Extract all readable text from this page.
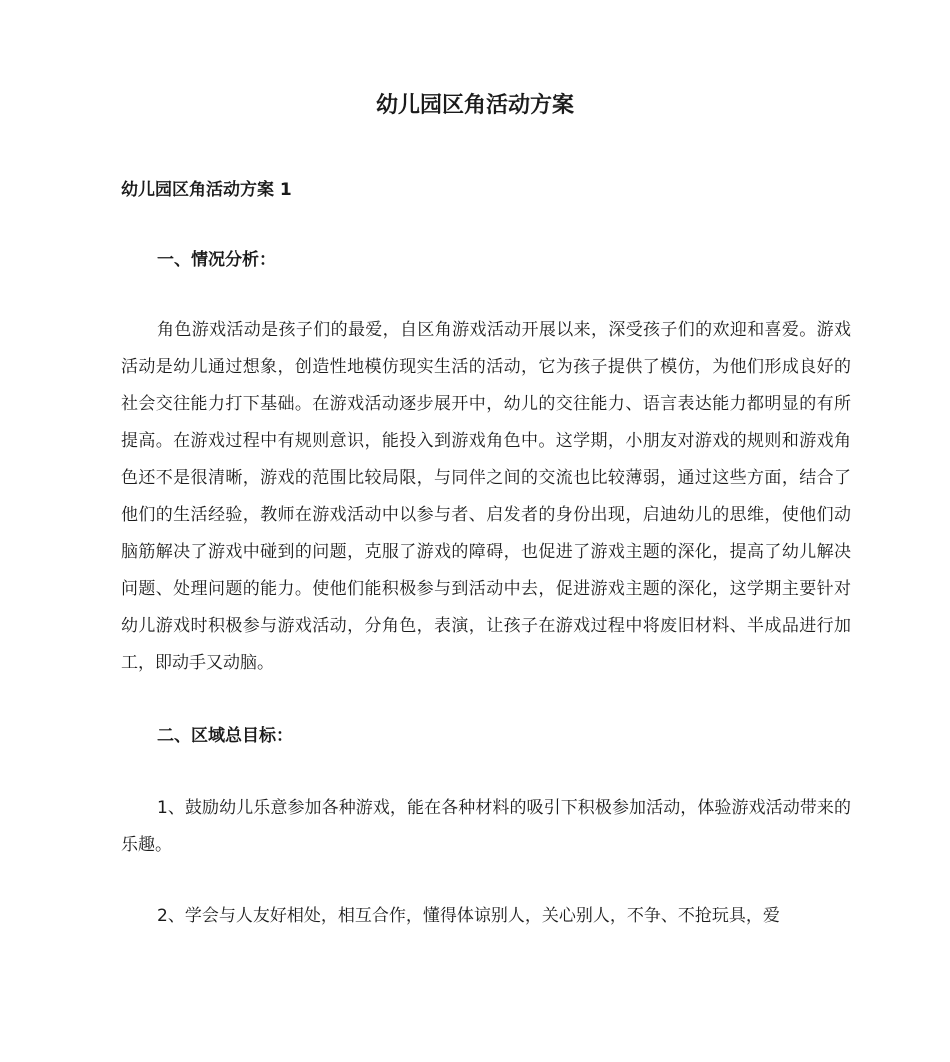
幼儿园区角活动方案
幼儿园区角活动方案 1
一、情况分析：

角色游戏活动是孩子们的最爱，自区角游戏活动开展以来，深受孩子们的欢迎和喜爱。游戏活动是幼儿通过想象，创造性地模仿现实生活的活动，它为孩子提供了模仿，为他们形成良好的社会交往能力打下基础。在游戏活动逐步展开中，幼儿的交往能力、语言表达能力都明显的有所提高。在游戏过程中有规则意识，能投入到游戏角色中。这学期，小朋友对游戏的规则和游戏角色还不是很清晰，游戏的范围比较局限，与同伴之间的交流也比较薄弱，通过这些方面，结合了他们的生活经验，教师在游戏活动中以参与者、启发者的身份出现，启迪幼儿的思维，使他们动脑筋解决了游戏中碰到的问题，克服了游戏的障碍，也促进了游戏主题的深化，提高了幼儿解决问题、处理问题的能力。使他们能积极参与到活动中去，促进游戏主题的深化，这学期主要针对幼儿游戏时积极参与游戏活动，分角色，表演，让孩子在游戏过程中将废旧材料、半成品进行加工，即动手又动脑。

二、区域总目标：

1、鼓励幼儿乐意参加各种游戏，能在各种材料的吸引下积极参加活动，体验游戏活动带来的乐趣。

2、学会与人友好相处，相互合作，懂得体谅别人，关心别人，不争、不抢玩具，爱
